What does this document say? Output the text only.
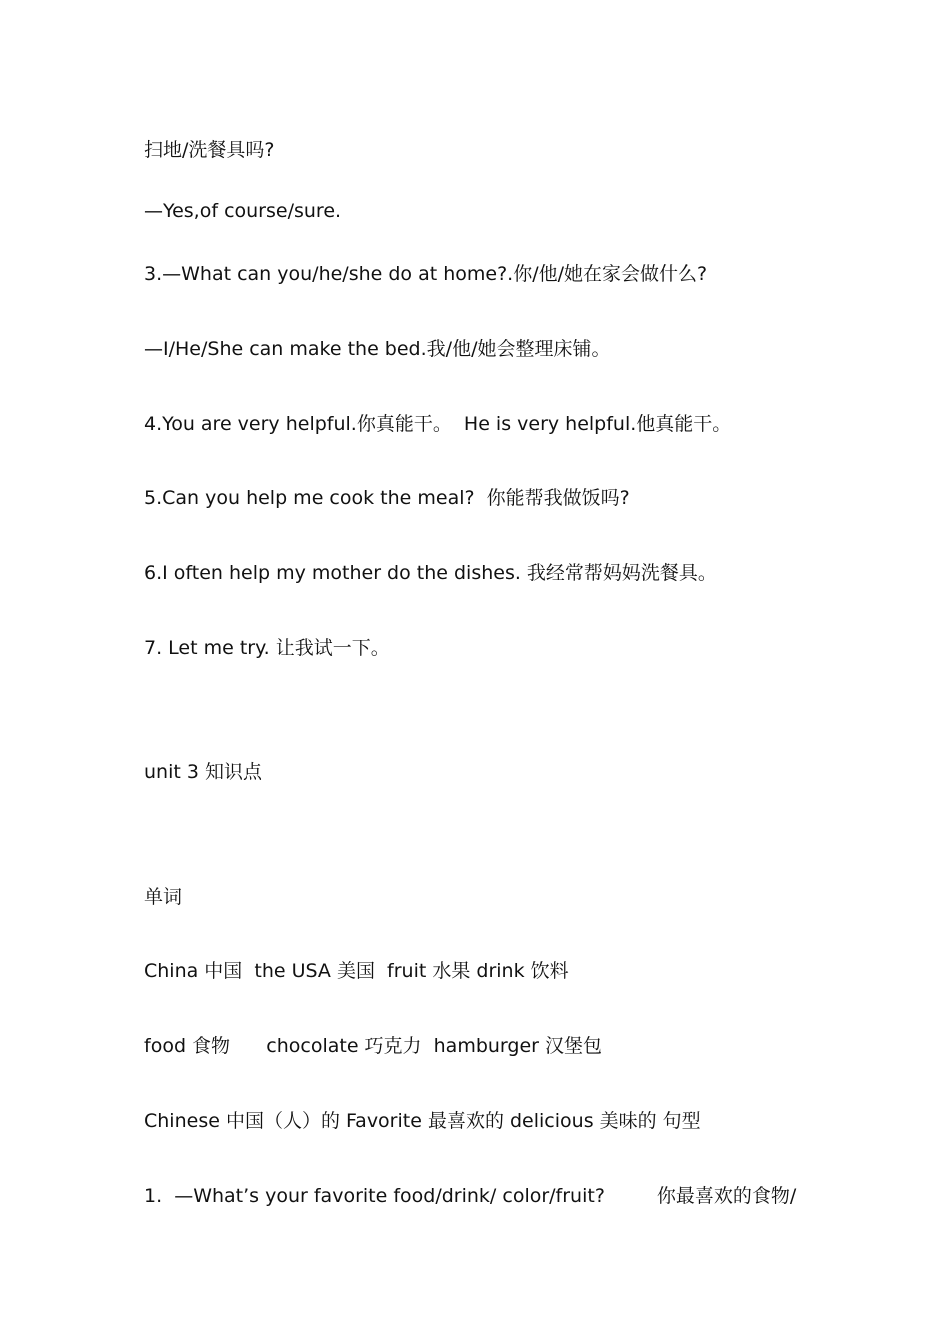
扫地/洗餐具吗?
—Yes,of course/sure.
3.—What can you/he/she do at home?.你/他/她在家会做什么?
—I/He/She can make the bed.我/他/她会整理床铺。
4.You are very helpful.你真能干。  He is very helpful.他真能干。
5.Can you help me cook the meal?  你能帮我做饭吗?
6.I often help my mother do the dishes. 我经常帮妈妈洗餐具。
7. Let me try. 让我试一下。
unit 3 知识点
单词
China 中国  the USA 美国  fruit 水果 drink 饮料
food 食物      chocolate 巧克力  hamburger 汉堡包
Chinese 中国（人）的 Favorite 最喜欢的 delicious 美味的 句型
1.  —What’s your favorite food/drink/ color/fruit?	你最喜欢的食物/
